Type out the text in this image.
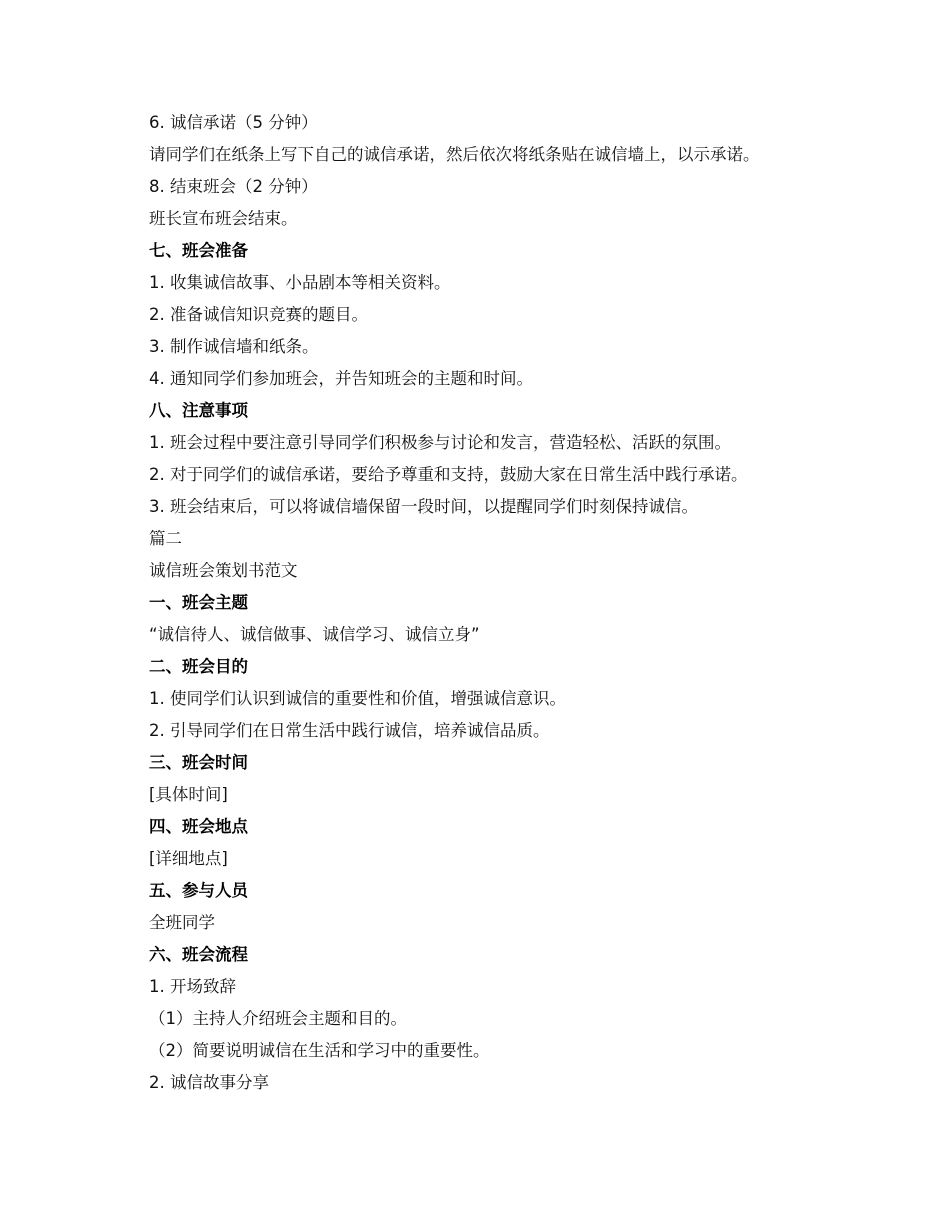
6. 诚信承诺（5 分钟）

请同学们在纸条上写下自己的诚信承诺，然后依次将纸条贴在诚信墙上，以示承诺。

8. 结束班会（2 分钟）

班长宣布班会结束。

七、班会准备

1. 收集诚信故事、小品剧本等相关资料。

2. 准备诚信知识竞赛的题目。

3. 制作诚信墙和纸条。

4. 通知同学们参加班会，并告知班会的主题和时间。

八、注意事项

1. 班会过程中要注意引导同学们积极参与讨论和发言，营造轻松、活跃的氛围。

2. 对于同学们的诚信承诺，要给予尊重和支持，鼓励大家在日常生活中践行承诺。

3. 班会结束后，可以将诚信墙保留一段时间，以提醒同学们时刻保持诚信。

篇二

诚信班会策划书范文

一、班会主题

“诚信待人、诚信做事、诚信学习、诚信立身”

二、班会目的

1. 使同学们认识到诚信的重要性和价值，增强诚信意识。

2. 引导同学们在日常生活中践行诚信，培养诚信品质。

三、班会时间

[具体时间]

四、班会地点

[详细地点]

五、参与人员

全班同学

六、班会流程

1. 开场致辞

（1）主持人介绍班会主题和目的。

（2）简要说明诚信在生活和学习中的重要性。

2. 诚信故事分享
